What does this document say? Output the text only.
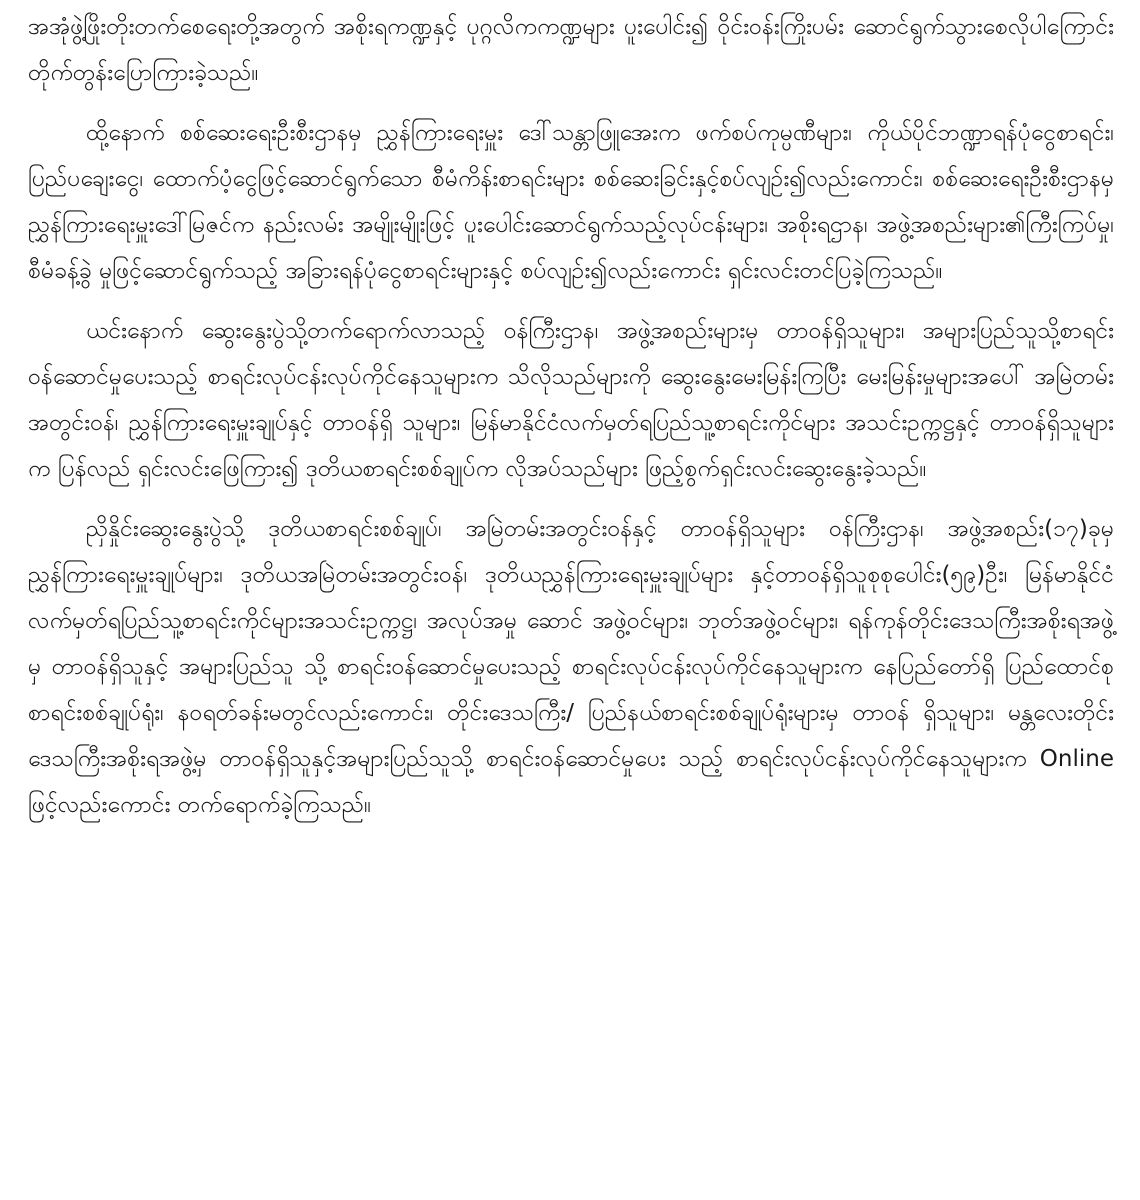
အအုံဖွဲ့ဖြိုးတိုးတက်စေရေးတို့အတွက် အစိုးရကဏ္ဍနှင့် ပုဂ္ဂလိကကဏ္ဍများ ပူးပေါင်း၍ ဝိုင်းဝန်းကြိုးပမ်း ဆောင်ရွက်သွားစေလိုပါကြောင်း တိုက်တွန်းပြောကြားခဲ့သည်။

ထို့နောက် စစ်ဆေးရေးဦးစီးဌာနမှ ညွှန်ကြားရေးမှူး ဒေါ်သန္တာဖြူအေးက ဖက်စပ်ကုမ္ပဏီများ၊ ကိုယ်ပိုင်ဘဏ္ဍာရန်ပုံငွေစာရင်း၊ ပြည်ပချေးငွေ၊ ထောက်ပံ့ငွေဖြင့်ဆောင်ရွက်သော စီမံကိန်းစာရင်းများ စစ်ဆေးခြင်းနှင့်စပ်လျဉ်း၍လည်းကောင်း၊ စစ်ဆေးရေးဦးစီးဌာနမှညွှန်ကြားရေးမှူးဒေါ်မြဇင်က နည်းလမ်း အမျိုးမျိုးဖြင့် ပူးပေါင်းဆောင်ရွက်သည့်လုပ်ငန်းများ၊ အစိုးရဌာန၊ အဖွဲ့အစည်းများ၏ကြီးကြပ်မှု၊ စီမံခန့်ခွဲ မှုဖြင့်ဆောင်ရွက်သည့် အခြားရန်ပုံငွေစာရင်းများနှင့် စပ်လျဉ်း၍လည်းကောင်း ရှင်းလင်းတင်ပြခဲ့ကြသည်။

ယင်းနောက် ဆွေးနွေးပွဲသို့တက်ရောက်လာသည့် ဝန်ကြီးဌာန၊ အဖွဲ့အစည်းများမှ တာဝန်ရှိသူများ၊ အများပြည်သူသို့စာရင်းဝန်ဆောင်မှုပေးသည့် စာရင်းလုပ်ငန်းလုပ်ကိုင်နေသူများက သိလိုသည်များကို ဆွေးနွေးမေးမြန်းကြပြီး မေးမြန်းမှုများအပေါ် အမြဲတမ်းအတွင်းဝန်၊ ညွှန်ကြားရေးမှူးချုပ်နှင့် တာဝန်ရှိ သူများ၊ မြန်မာနိုင်ငံလက်မှတ်ရပြည်သူ့စာရင်းကိုင်များ အသင်းဥက္ကဋ္ဌနှင့် တာဝန်ရှိသူများက ပြန်လည် ရှင်းလင်းဖြေကြား၍ ဒုတိယစာရင်းစစ်ချုပ်က လိုအပ်သည်များ ဖြည့်စွက်ရှင်းလင်းဆွေးနွေးခဲ့သည်။

ညှိနှိုင်းဆွေးနွေးပွဲသို့ ဒုတိယစာရင်းစစ်ချုပ်၊ အမြဲတမ်းအတွင်းဝန်နှင့် တာဝန်ရှိသူများ ဝန်ကြီးဌာန၊ အဖွဲ့အစည်း(၁၇)ခုမှ ညွှန်ကြားရေးမှူးချုပ်များ၊ ဒုတိယအမြဲတမ်းအတွင်းဝန်၊ ဒုတိယညွှန်ကြားရေးမှူးချုပ်များ နှင့်တာဝန်ရှိသူစုစုပေါင်း(၅၉)ဦး၊ မြန်မာနိုင်ငံလက်မှတ်ရပြည်သူ့စာရင်းကိုင်များအသင်းဥက္ကဋ္ဌ၊ အလုပ်အမှု ဆောင် အဖွဲ့ဝင်များ၊ ဘုတ်အဖွဲ့ဝင်များ၊ ရန်ကုန်တိုင်းဒေသကြီးအစိုးရအဖွဲ့မှ တာဝန်ရှိသူနှင့် အများပြည်သူ သို့ စာရင်းဝန်ဆောင်မှုပေးသည့် စာရင်းလုပ်ငန်းလုပ်ကိုင်နေသူများက နေပြည်တော်ရှိ ပြည်ထောင်စု စာရင်းစစ်ချုပ်ရုံး၊ နဝရတ်ခန်းမတွင်လည်းကောင်း၊ တိုင်းဒေသကြီး/ ပြည်နယ်စာရင်းစစ်ချုပ်ရုံးများမှ တာဝန် ရှိသူများ၊ မန္တလေးတိုင်းဒေသကြီးအစိုးရအဖွဲ့မှ တာဝန်ရှိသူနှင့်အများပြည်သူသို့ စာရင်းဝန်ဆောင်မှုပေး သည့် စာရင်းလုပ်ငန်းလုပ်ကိုင်နေသူများက Online ဖြင့်လည်းကောင်း တက်ရောက်ခဲ့ကြသည်။
